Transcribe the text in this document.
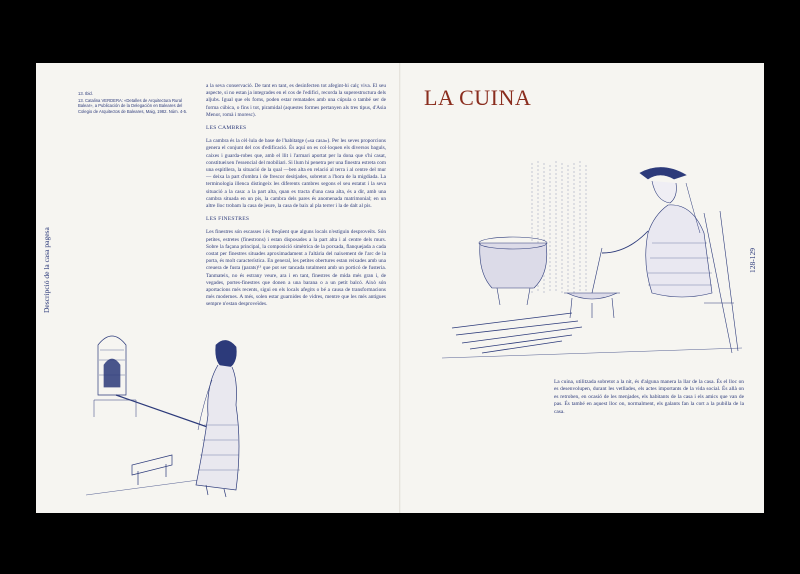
13. Ibid.
13. Catalina VERDERA: «Detalles de Arquitectura Rural Balear», a Publicación de la Delegación en Baleares del Colegio de Arquitectos de Baleares, Maig, 1982. Núm. 4-5.
Descripció de la casa pagesa

a la seva conservació. De tant en tant, es desinfecten tot afegint-hi calç viva. El seu aspecte, si no estan ja integrades en el cos de l'edifici, recorda la superestructura dels aljubs. Igual que els forns, poden estar rematades amb una cúpula o també ser de forma cúbica, o fins i tot, piramidal (aquestes formes pertanyen als tres tipus, d'Asia Menor, romà i moresc).

LES CAMBRES

La cambra és la cèl·lula de base de l'habitatge («sa casa»). Per les seves proporcions genera el conjunt del cos d'edificació. És aquí on es col·loquen els diversos baguls, caixes i guarda-robes que, amb el llit i l'armari aportat per la dona que s'hi casat, constitueixen l'essencial del mobiliari. Si llum hi penetra per una finestra estreta com una espitllera, la situació de la qual —ben alta en relació al terra i al centre del mur— deixa la part d'ombra i de frescor desitjades, sobretot a l'hora de la migdiada. La terminologia illenca distingeix les diferents cambres segons el seu estatut i la seva situació a la casa: a la part alta, quan es tracta d'una casa alta, és a dir, amb una cambra situada en un pis, la cambra dels pares és anomenada matrimonial; en un altre lloc trobam la casa de jeure, la casa de baix al pla terrer i la de dalt al pis.

LES FINESTRES

Les finestres són escasses i és freqüent que alguns locals n'estiguin desproveïts. Són petites, estretes (finestrons) i estan disposades a la part alta i al centre dels murs. Sobre la façana principal, la composició simètrica de la porxada, flanquejada a cada costat per finestres situades aproximadament a l'altària del naixement de l'arc de la porta, és molt característica. En general, les petites obertures estan reixades amb una creuera de fusta (parats)¹³ que pot ser tancada totalment amb un porticó de fusteria. Tanmateix, no és estrany veure, ara i en tant, finestres de mida més gran i, de vegades, portes-finestres que donen a una barana o a un petit balcó. Això són aportacions més recents, sigui en els locals afegits o bé a causa de transformacions més modernes. A més, solen estar guarnides de vidres, mentre que les més antigues sempre n'estan desproveïdes.

LA CUINA
128-129
La cuina, utilitzada sobretot a la nit, és d'alguna manera la llar de la casa. És el lloc on es desenvolupen, durant les vetllades, els actes importants de la vida social. És allà on es retroben, en ocasió de les menjades, els habitants de la casa i els amics que van de pas. És també en aquest lloc on, normalment, els galants fan la cort a la pubilla de la casa.
